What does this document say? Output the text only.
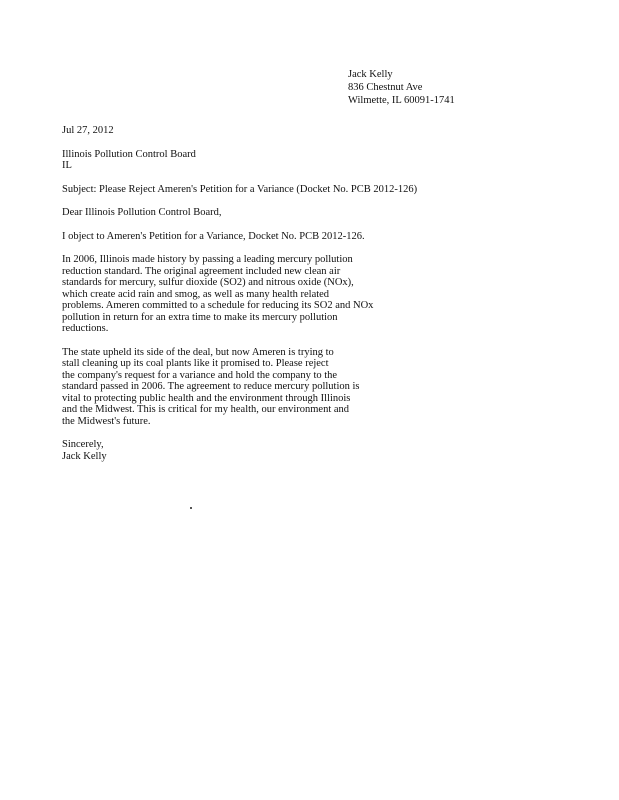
Jack Kelly
836 Chestnut Ave
Wilmette, IL 60091-1741
Jul 27, 2012
Illinois Pollution Control Board
IL
Subject: Please Reject Ameren's Petition for a Variance (Docket No. PCB 2012-126)
Dear Illinois Pollution Control Board,
I object to Ameren's Petition for a Variance, Docket No. PCB 2012-126.
In 2006, Illinois made history by passing a leading mercury pollution
reduction standard. The original agreement included new clean air
standards for mercury, sulfur dioxide (SO2) and nitrous oxide (NOx),
which create acid rain and smog, as well as many health related
problems. Ameren committed to a schedule for reducing its SO2 and NOx
pollution in return for an extra time to make its mercury pollution
reductions.
The state upheld its side of the deal, but now Ameren is trying to
stall cleaning up its coal plants like it promised to. Please reject
the company's request for a variance and hold the company to the
standard passed in 2006. The agreement to reduce mercury pollution is
vital to protecting public health and the environment through Illinois
and the Midwest. This is critical for my health, our environment and
the Midwest's future.
Sincerely,
Jack Kelly
